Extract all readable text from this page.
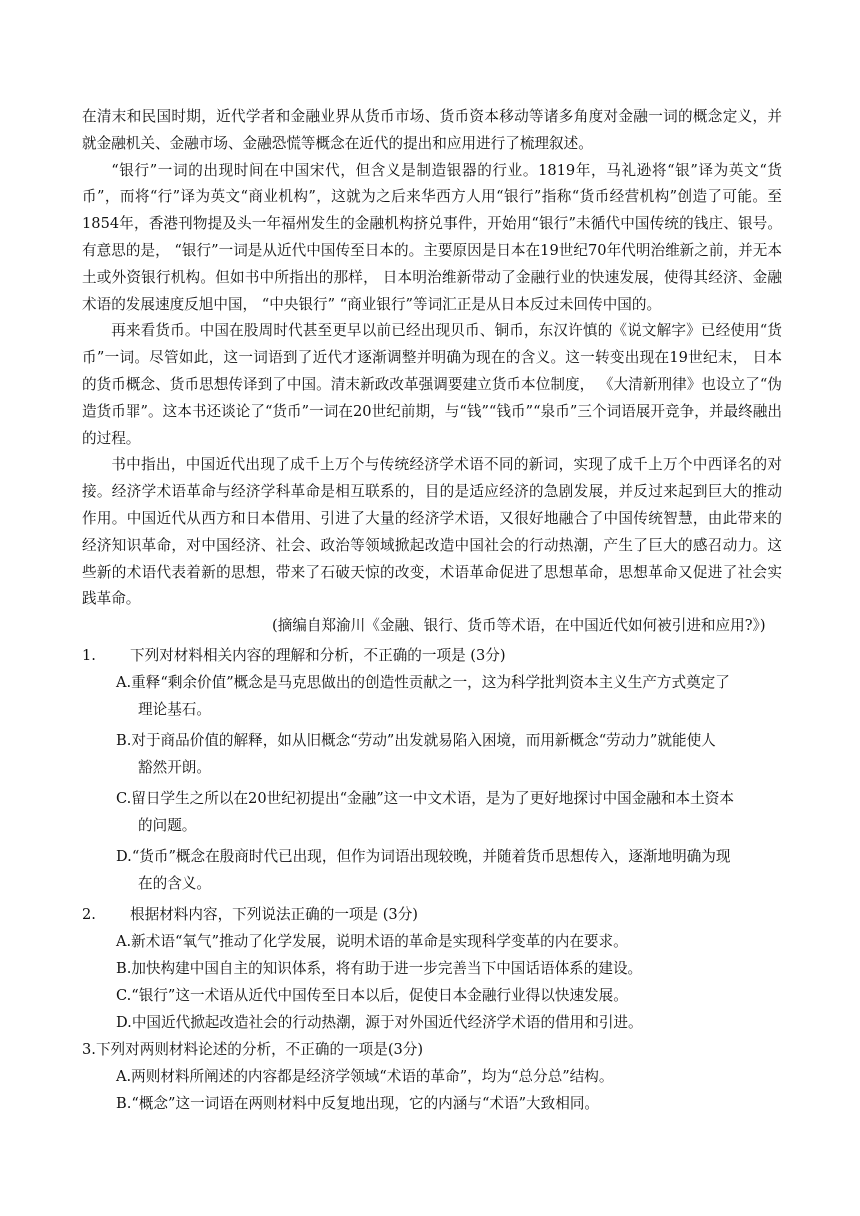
在清末和民国时期，近代学者和金融业界从货币市场、货币资本移动等诸多角度对金融一词的概念定义，并就金融机关、金融市场、金融恐慌等概念在近代的提出和应用进行了梳理叙述。

“银行”一词的出现时间在中国宋代，但含义是制造银器的行业。1819年，马礼逊将“银”译为英文“货币”，而将“行”译为英文“商业机构”，这就为之后来华西方人用“银行”指称“货币经营机构”创造了可能。至1854年，香港刊物提及头一年福州发生的金融机构挤兑事件，开始用“银行”未循代中国传统的钱庄、银号。有意思的是， “银行”一词是从近代中国传至日本的。主要原因是日本在19世纪70年代明治维新之前，并无本土或外资银行机构。但如书中所指出的那样， 日本明治维新带动了金融行业的快速发展，使得其经济、金融术语的发展速度反旭中国， “中央银行” “商业银行”等词汇正是从日本反过未回传中国的。

再来看货币。中国在股周时代甚至更早以前已经出现贝币、铜币，东汉许慎的《说文解字》已经使用“货币”一词。尽管如此，这一词语到了近代才逐渐调整并明确为现在的含义。这一转变出现在19世纪末， 日本的货币概念、货币思想传译到了中国。清末新政改革强调要建立货币本位制度， 《大清新刑律》也设立了“伪造货币罪”。这本书还谈论了“货币”一词在20世纪前期，与“钱”“钱币”“泉币”三个词语展开竞争，并最终融出的过程。

书中指出，中国近代出现了成千上万个与传统经济学术语不同的新词，实现了成千上万个中西译名的对接。经济学术语革命与经济学科革命是相互联系的，目的是适应经济的急剧发展，并反过来起到巨大的推动作用。中国近代从西方和日本借用、引进了大量的经济学术语，又很好地融合了中国传统智慧，由此带来的经济知识革命，对中国经济、社会、政治等领域掀起改造中国社会的行动热潮，产生了巨大的感召动力。这些新的术语代表着新的思想，带来了石破天惊的改变，术语革命促进了思想革命，思想革命又促进了社会实践革命。

(摘编自郑渝川《金融、银行、货币等术语，在中国近代如何被引进和应用?》)

1. 下列对材料相关内容的理解和分析，不正确的一项是 (3分)

A.重释“剩余价值”概念是马克思做出的创造性贡献之一，这为科学批判资本主义生产方式奠定了
理论基石。

B.对于商品价值的解释，如从旧概念“劳动”出发就易陷入困境，而用新概念“劳动力”就能使人
豁然开朗。

C.留日学生之所以在20世纪初提出“金融”这一中文术语，是为了更好地探讨中国金融和本土资本
的问题。

D.“货币”概念在殷商时代已出现，但作为词语出现较晚，并随着货币思想传入，逐渐地明确为现
在的含义。

2. 根据材料内容，下列说法正确的一项是 (3分)

A.新术语“氧气”推动了化学发展，说明术语的革命是实现科学变革的内在要求。

B.加快构建中国自主的知识体系，将有助于进一步完善当下中国话语体系的建设。

C.“银行”这一术语从近代中国传至日本以后，促使日本金融行业得以快速发展。

D.中国近代掀起改造社会的行动热潮，源于对外国近代经济学术语的借用和引进。

3.下列对两则材料论述的分析，不正确的一项是(3分)

A.两则材料所阐述的内容都是经济学领域“术语的革命”，均为“总分总”结构。

B.“概念”这一词语在两则材料中反复地出现，它的内涵与“术语”大致相同。
